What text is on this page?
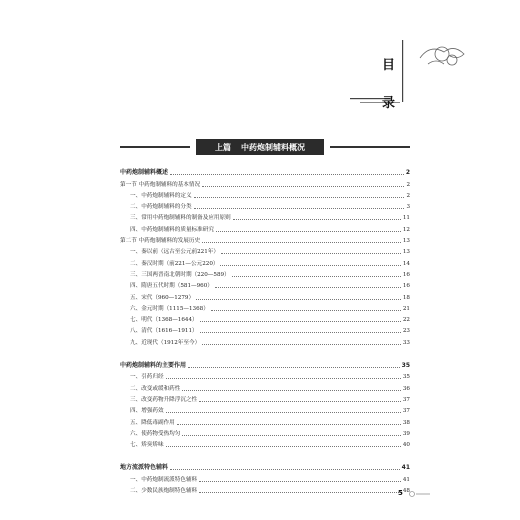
目
录
上篇 中药炮制辅料概况
中药炮制辅料概述	2
第一节 中药炮制辅料的基本情况	2
一、中药炮制辅料的定义	2
二、中药炮制辅料的分类	3
三、常用中药炮制辅料的制备及应用原则	11
四、中药炮制辅料的质量标准研究	12
第二节 中药炮制辅料的发展历史	13
一、秦以前（远古至公元前221年）	13
二、秦汉时期（前221—公元220）	14
三、三国两晋南北朝时期（220—589）	16
四、隋唐五代时期（581—960）	16
五、宋代（960—1279）	18
六、金元时期（1115—1368）	21
七、明代（1368—1644）	22
八、清代（1616—1911）	23
九、近现代（1912年至今）	33
中药炮制辅料的主要作用	35
一、引药归经	35
二、改变或缓和药性	36
三、改变药物升降浮沉之性	37
四、增强药效	37
五、降低毒副作用	38
六、使药物受热均匀	39
七、矫臭矫味	40
地方流派特色辅料	41
一、中药炮制流派特色辅料	41
二、少数民族炮制特色辅料	48
5
